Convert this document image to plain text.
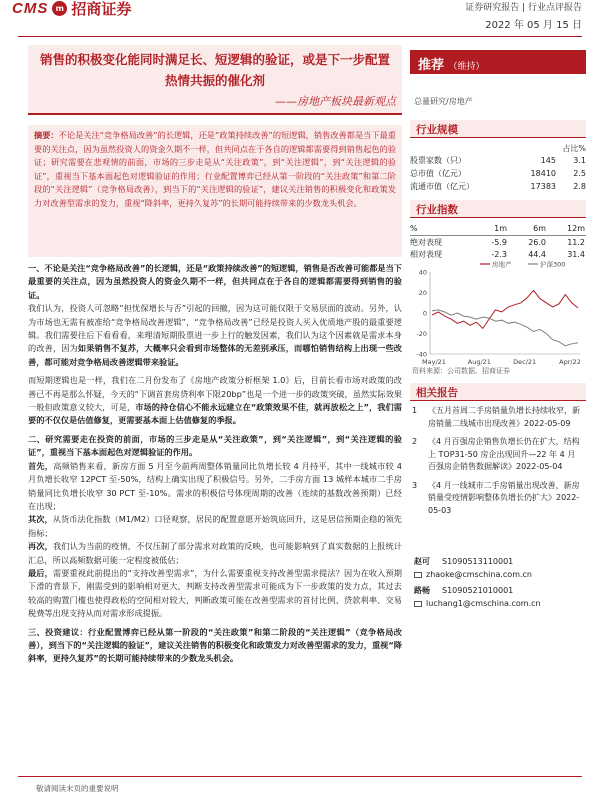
CMS m 招商证券	证券研究报告 | 行业点评报告
2022 年 05 月 15 日
销售的积极变化能同时满足长、短逻辑的验证，或是下一步配置热情共振的催化剂
——房地产板块最新观点
推荐 （维持）
总量研究/房地产
摘要：不论是关注“竞争格局改善”的长逻辑，还是“政策持续改善”的短逻辑，销售改善都是当下最重要的关注点，因为虽然投资人的资金久期不一样，但共同点在于各自的逻辑都需要得到销售起色的验证；研究需要在悲观情的前面，市场的三步走是从“关注政策”，到“关注逻辑”，到“关注逻辑的验证”，重视当下基本面起色对逻辑验证的作用；行业配置博弈已经从第一阶段的“关注政策”和第二阶段的“关注逻辑”（竞争格局改善），到当下的“关注逻辑的验证”，建议关注销售的积极变化和政策发力对改善型需求的发力，重视“降斜率，更持久复苏”的长期可能持续带来的少数龙头机会。
一、不论是关注“竞争格局改善”的长逻辑，还是“政策持续改善”的短逻辑，销售是否改善可能都是当下最重要的关注点，因为虽然投资人的资金久期不一样，但共同点在于各自的逻辑都需要得到销售的验证。
我们认为，投资人可忽略“担忧保增长与否”引起的回撤，因为这可能仅限于交易层面的波动。另外，认为市场也无需有被准给“竞争格局改善逻辑”，“竞争格局改善”已经是投资人买入优质地产股的最重要逻辑。我们需要往后下看看看，来理清短期股票进一步上行的触发因素，我们认为这个因素就是需求本身的改善，因为如果销售不复苏，大概率只会看到市场整体的无差别承压，而哪怕销售结构上出现一些改善，都可能对竞争格局改善逻辑带来验证。
而短期逻辑也是一样，我们在二月份发布了《房地产政策分析框架 1.0》后，目前长看市场对政策的改善已不再是那么怀疑，今天的“下调首套房贷利率下限20bp”也是一个进一步的政策突破，虽然实际效果一般但政策意义较大，可是，市场的持仓信心不能永远建立在“政策效果不佳，就再放松之上”，我们需要的不仅仅是估值修复，更需要基本面上估值修复的季报。
二、研究需要走在投资的前面，市场的三步走是从“关注政策”，到“关注逻辑”，到“关注逻辑的验证”，重视当下基本面起色对逻辑验证的作用。
首先，高频销售来看，新房方面 5 月至今前两周整体销量同比负增长较 4 月持平，其中一线城市较 4 月负增长收窄 12PCT 至-50%，结构上确实出现了积极信号。另外，二手房方面 13 城样本城市二手房销量同比负增长收窄 30 PCT 至-10%。需求的积极信号体现周期的改善（连续的基数改善预期）已经在出现；
其次，从货币法化指数（M1/M2）口径观察，居民的配置意愿开始筑底回升，这是居信预期企稳的领先指标；
再次，我们认为当前的疫情，不仅压制了部分需求对政策的反映，也可能影响到了真实数据的上报统计汇总，所以高频数据可能一定程度被低估；
最后，需要重视此前提出的“支持改善型需求”，为什么需要重视支持改善型需求提法？因为在收入预期下滑的背景下，刚需受到的影响相对更大，判断支持改善型需求可能成为下一步政策的发力点，其过去较高的购置门槛也使得政松的空间相对较大，判断政策可能在改善型需求的首付比例、贷款利率、交易税费等出现支持从而对需求形成提振。
三、投资建议：行业配置博弈已经从第一阶段的“关注政策”和第二阶段的“关注逻辑”（竞争格局改善），到当下的“关注逻辑的验证”，建议关注销售的积极变化和政策发力对改善型需求的发力，重视“降斜率，更持久复苏”的长期可能持续带来的少数龙头机会。
行业规模
占比%
股票家数（只）	145	3.1
总市值（亿元）	18410	2.5
流通市值（亿元）	17383	2.8
行业指数
%	1m	6m	12m
绝对表现	-5.9	26.0	11.2
相对表现	-2.3	44.4	31.4
40
20
0
-20
-40
May/21	Aug/21	Dec/21	Apr/22
房地产	沪深300
资料来源：公司数据、招商证券
相关报告
1	《五月首周二手房销量负增长持续收窄，新房销量二线城市出现改善》2022-05-09
2	《4 月百强房企销售负增长仍在扩大，结构上 TOP31-50 房企出现回升—22 年 4 月百强房企销售数据解读》2022-05-04
3	《4 月一线城市二手房销量出现改善，新房销量受疫情影响整体负增长仍扩大》2022-05-03
赵可	S1090513110001
zhaoke@cmschina.com.cn
路畅	S1090521010001
luchang1@cmschina.com.cn
敬请阅读末页的重要说明
